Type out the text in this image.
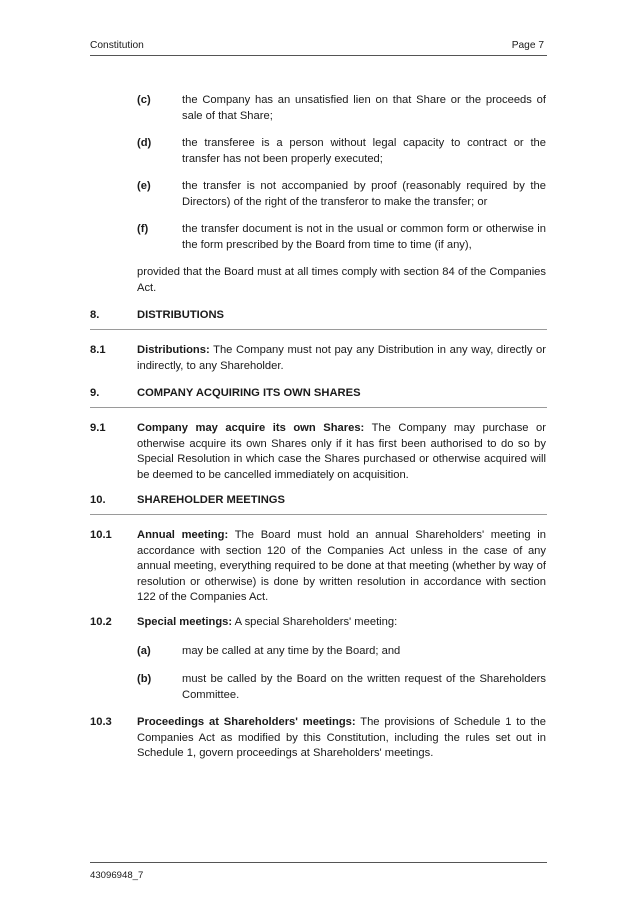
Constitution	Page 7
(c)	the Company has an unsatisfied lien on that Share or the proceeds of sale of that Share;
(d)	the transferee is a person without legal capacity to contract or the transfer has not been properly executed;
(e)	the transfer is not accompanied by proof (reasonably required by the Directors) of the right of the transferor to make the transfer; or
(f)	the transfer document is not in the usual or common form or otherwise in the form prescribed by the Board from time to time (if any),
provided that the Board must at all times comply with section 84 of the Companies Act.
8.	DISTRIBUTIONS
8.1	Distributions: The Company must not pay any Distribution in any way, directly or indirectly, to any Shareholder.
9.	COMPANY ACQUIRING ITS OWN SHARES
9.1	Company may acquire its own Shares: The Company may purchase or otherwise acquire its own Shares only if it has first been authorised to do so by Special Resolution in which case the Shares purchased or otherwise acquired will be deemed to be cancelled immediately on acquisition.
10.	SHAREHOLDER MEETINGS
10.1 Annual meeting: The Board must hold an annual Shareholders' meeting in accordance with section 120 of the Companies Act unless in the case of any annual meeting, everything required to be done at that meeting (whether by way of resolution or otherwise) is done by written resolution in accordance with section 122 of the Companies Act.
10.2 Special meetings: A special Shareholders' meeting:
(a)	may be called at any time by the Board; and
(b)	must be called by the Board on the written request of the Shareholders Committee.
10.3 Proceedings at Shareholders' meetings: The provisions of Schedule 1 to the Companies Act as modified by this Constitution, including the rules set out in Schedule 1, govern proceedings at Shareholders' meetings.
43096948_7
